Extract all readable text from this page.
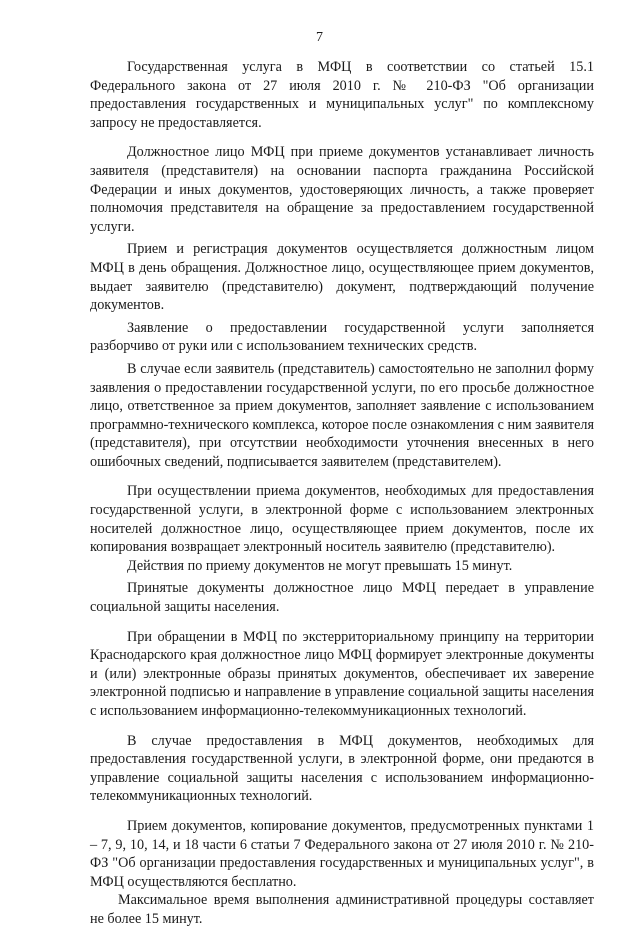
7

Государственная услуга в МФЦ в соответствии со статьей 15.1 Федерального закона от 27 июля 2010 г. № 210-ФЗ "Об организации предоставления государственных и муниципальных услуг" по комплексному запросу не предоставляется.

Должностное лицо МФЦ при приеме документов устанавливает личность заявителя (представителя) на основании паспорта гражданина Российской Федерации и иных документов, удостоверяющих личность, а также проверяет полномочия представителя на обращение за предоставлением государственной услуги.

Прием и регистрация документов осуществляется должностным лицом МФЦ в день обращения. Должностное лицо, осуществляющее прием документов, выдает заявителю (представителю) документ, подтверждающий получение документов.

Заявление о предоставлении государственной услуги заполняется разборчиво от руки или с использованием технических средств.

В случае если заявитель (представитель) самостоятельно не заполнил форму заявления о предоставлении государственной услуги, по его просьбе должностное лицо, ответственное за прием документов, заполняет заявление с использованием программно-технического комплекса, которое после ознакомления с ним заявителя (представителя), при отсутствии необходимости уточнения внесенных в него ошибочных сведений, подписывается заявителем (представителем).

При осуществлении приема документов, необходимых для предоставления государственной услуги, в электронной форме с использованием электронных носителей должностное лицо, осуществляющее прием документов, после их копирования возвращает электронный носитель заявителю (представителю).

Действия по приему документов не могут превышать 15 минут.

Принятые документы должностное лицо МФЦ передает в управление социальной защиты населения.

При обращении в МФЦ по экстерриториальному принципу на территории Краснодарского края должностное лицо МФЦ формирует электронные документы и (или) электронные образы принятых документов, обеспечивает их заверение электронной подписью и направление в управление социальной защиты населения с использованием информационно-телекоммуникационных технологий.

В случае предоставления в МФЦ документов, необходимых для предоставления государственной услуги, в электронной форме, они предаются в управление социальной защиты населения с использованием информационно-телекоммуникационных технологий.

Прием документов, копирование документов, предусмотренных пунктами 1 – 7, 9, 10, 14, и 18 части 6 статьи 7 Федерального закона от 27 июля 2010 г. № 210-ФЗ "Об организации предоставления государственных и муниципальных услуг", в МФЦ осуществляются бесплатно.

Максимальное время выполнения административной процедуры составляет не более 15 минут.
